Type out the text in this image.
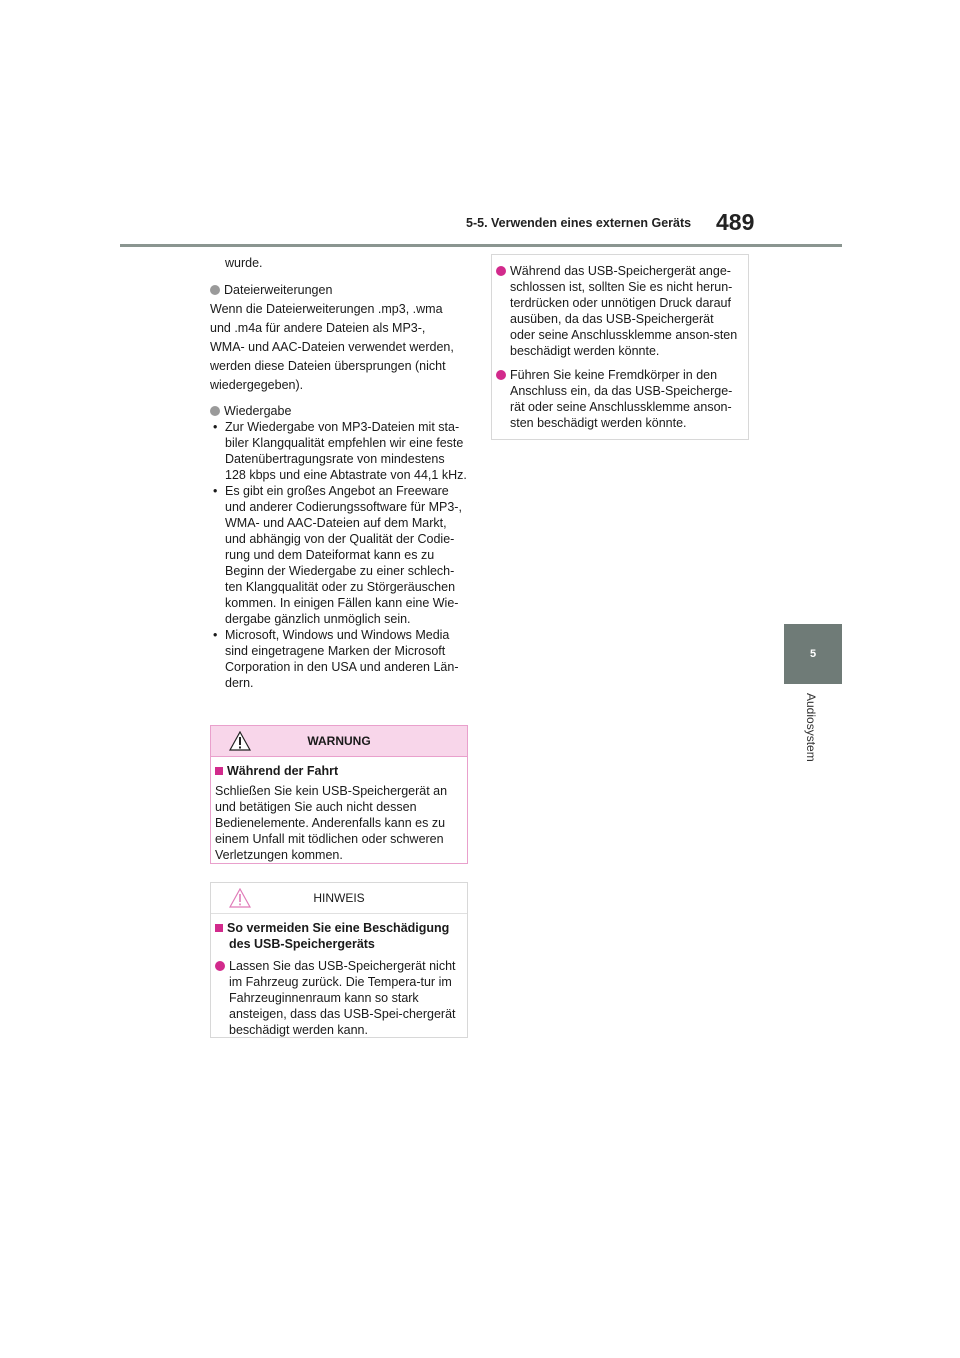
5-5. Verwenden eines externen Geräts 489
5
Audiosystem

wurde.

Dateierweiterungen

Wenn die Dateierweiterungen .mp3, .wma

und .m4a für andere Dateien als MP3-,

WMA- und AAC-Dateien verwendet werden,

werden diese Dateien übersprungen (nicht

wiedergegeben).

Wiedergabe

• Zur Wiedergabe von MP3-Dateien mit sta-biler Klangqualität empfehlen wir eine feste Datenübertragungsrate von mindestens 128 kbps und eine Abtastrate von 44,1 kHz.
• Es gibt ein großes Angebot an Freeware und anderer Codierungssoftware für MP3-, WMA- und AAC-Dateien auf dem Markt, und abhängig von der Qualität der Codie-rung und dem Dateiformat kann es zu Beginn der Wiedergabe zu einer schlech-ten Klangqualität oder zu Störgeräuschen kommen. In einigen Fällen kann eine Wie-dergabe gänzlich unmöglich sein.
• Microsoft, Windows und Windows Media sind eingetragene Marken der Microsoft Corporation in den USA und anderen Län-dern.
WARNUNG

Während der Fahrt

Schließen Sie kein USB-Speichergerät an und betätigen Sie auch nicht dessen Bedienelemente. Anderenfalls kann es zu einem Unfall mit tödlichen oder schweren Verletzungen kommen.

HINWEIS

So vermeiden Sie eine Beschädigung des USB-Speichergeräts

Lassen Sie das USB-Speichergerät nicht im Fahrzeug zurück. Die Tempera-tur im Fahrzeuginnenraum kann so stark ansteigen, dass das USB-Spei-chergerät beschädigt werden kann.

Während das USB-Speichergerät ange-schlossen ist, sollten Sie es nicht herun-terdrücken oder unnötigen Druck darauf ausüben, da das USB-Speichergerät oder seine Anschlussklemme anson-sten beschädigt werden könnte.

Führen Sie keine Fremdkörper in den Anschluss ein, da das USB-Speicherge-rät oder seine Anschlussklemme anson-sten beschädigt werden könnte.
